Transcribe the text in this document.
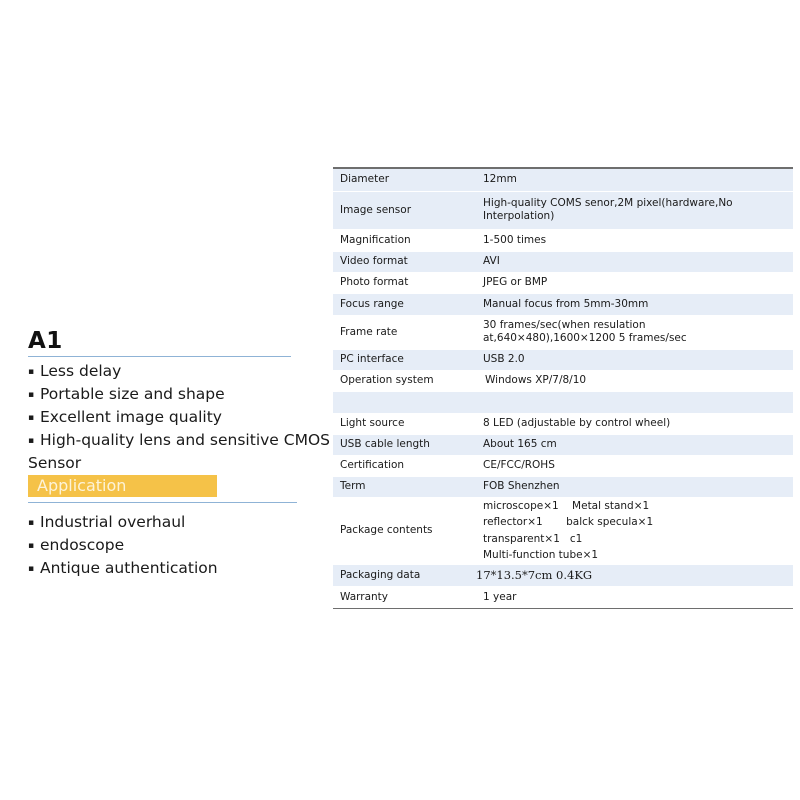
A1
▪ Less delay
▪ Portable size and shape
▪ Excellent image quality
▪ High-quality lens and sensitive CMOS
Sensor
Application
▪ Industrial overhaul
▪ endoscope
▪ Antique authentication
Diameter	12mm
Image sensor	High-quality COMS senor,2M pixel(hardware,No Interpolation)
Magnification	1-500 times
Video format	AVI
Photo format	JPEG or BMP
Focus range	Manual focus from 5mm-30mm
Frame rate	30 frames/sec(when resulation
at,640×480),1600×1200 5 frames/sec

PC interface	USB 2.0
Operation system	Windows XP/7/8/10

Light source	8 LED (adjustable by control wheel)
USB cable length	About 165 cm
Certification	CE/FCC/ROHS
Term	FOB Shenzhen
Package contents	microscope×1    Metal stand×1
reflector×1       balck specula×1
transparent×1   c1
Multi-function tube×1

Packaging data	17*13.5*7cm 0.4KG
Warranty	1 year
